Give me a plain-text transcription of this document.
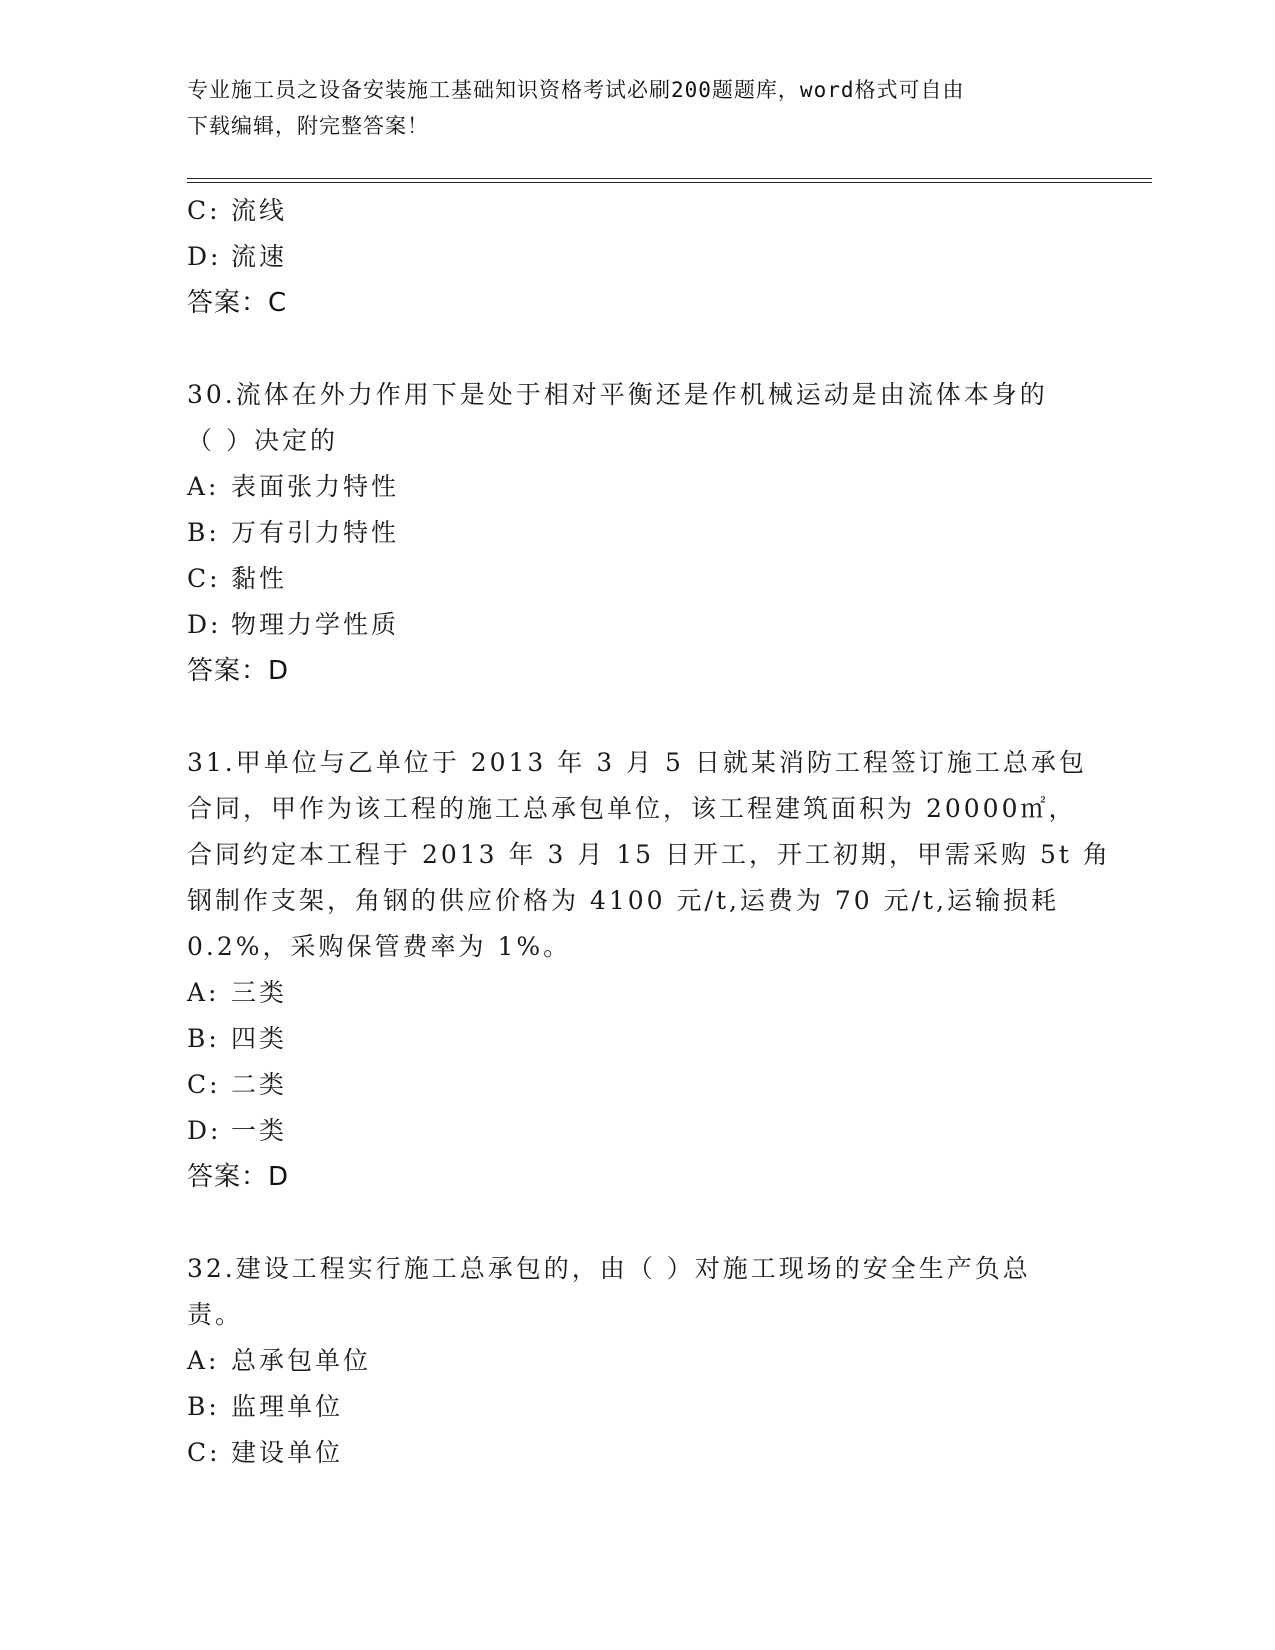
专业施工员之设备安装施工基础知识资格考试必刷200题题库，word格式可自由
下载编辑，附完整答案！
C: 流线
D: 流速
答案：C
30.流体在外力作用下是处于相对平衡还是作机械运动是由流体本身的
（ ）决定的
A: 表面张力特性
B: 万有引力特性
C: 黏性
D: 物理力学性质
答案：D
31.甲单位与乙单位于 2013 年 3 月 5 日就某消防工程签订施工总承包
合同，甲作为该工程的施工总承包单位，该工程建筑面积为 20000㎡，
合同约定本工程于 2013 年 3 月 15 日开工，开工初期，甲需采购 5t 角
钢制作支架，角钢的供应价格为 4100 元/t,运费为 70 元/t,运输损耗
0.2%，采购保管费率为 1%。
A: 三类
B: 四类
C: 二类
D: 一类
答案：D
32.建设工程实行施工总承包的，由（ ）对施工现场的安全生产负总
责。
A: 总承包单位
B: 监理单位
C: 建设单位
